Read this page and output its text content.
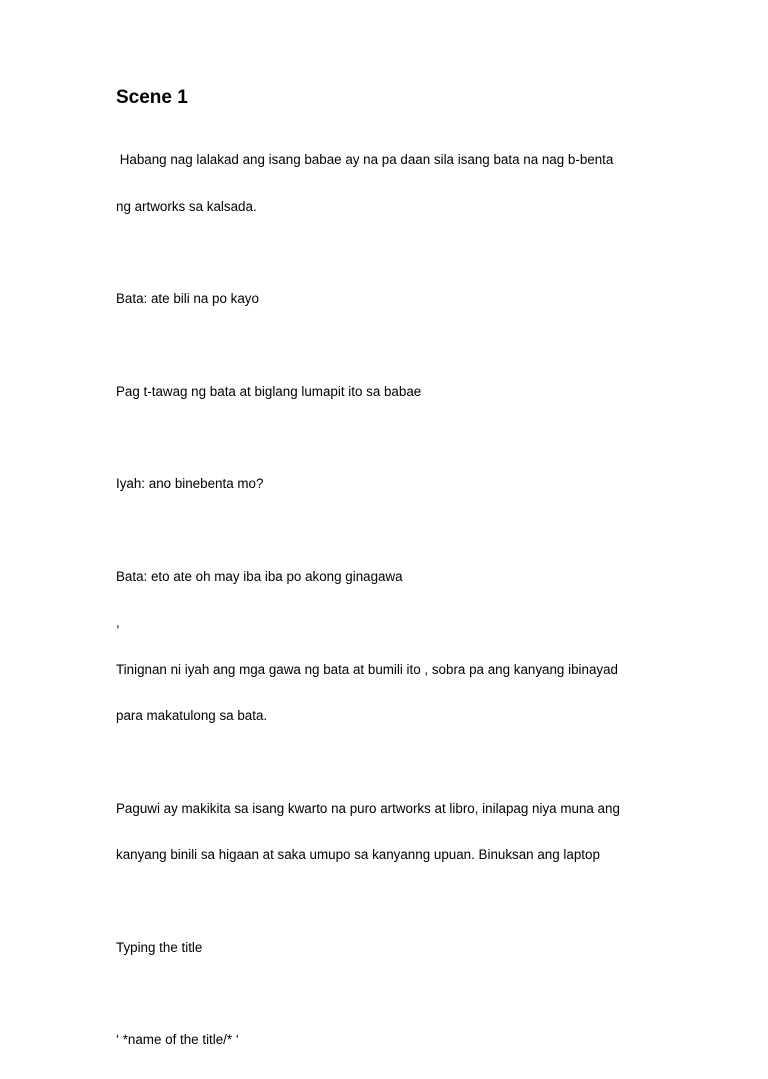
Scene 1

Habang nag lalakad ang isang babae ay na pa daan sila isang bata na nag b-benta

ng artworks sa kalsada.

Bata: ate bili na po kayo

Pag t-tawag ng bata at biglang lumapit ito sa babae

Iyah: ano binebenta mo?

Bata: eto ate oh may iba iba po akong ginagawa

,

Tinignan ni iyah ang mga gawa ng bata at bumili ito , sobra pa ang kanyang ibinayad

para makatulong sa bata.

Paguwi ay makikita sa isang kwarto na puro artworks at libro, inilapag niya muna ang

kanyang binili sa higaan at saka umupo sa kanyanng upuan. Binuksan ang laptop

Typing the title

‘ *name of the title/* ‘
